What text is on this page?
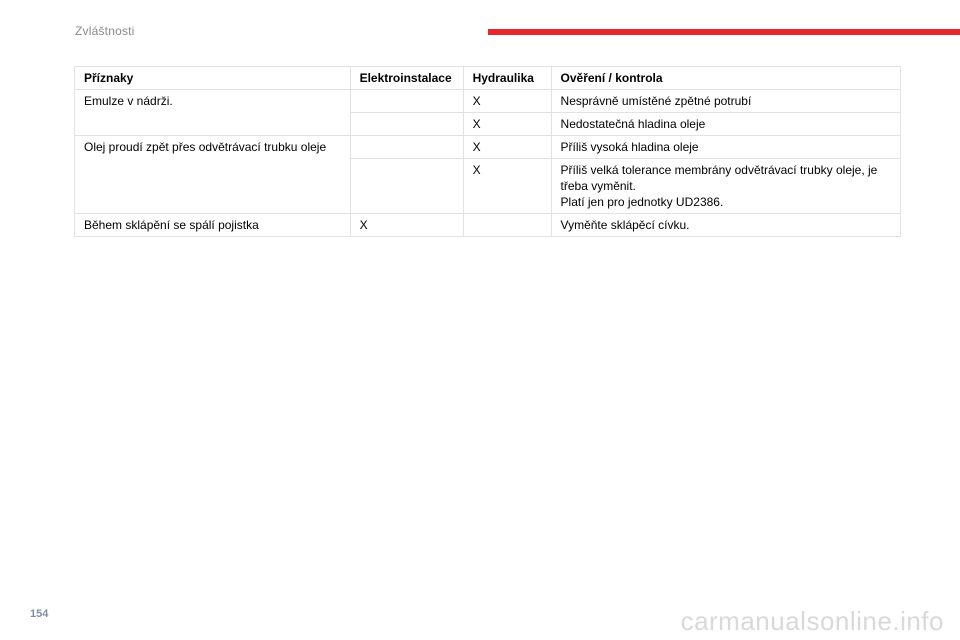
Zvláštnosti
Příznaky	Elektroinstalace	Hydraulika	Ověření / kontrola
Emulze v nádrži.		X	Nesprávně umístěné zpětné potrubí
		X	Nedostatečná hladina oleje
Olej proudí zpět přes odvětrávací trubku oleje		X	Příliš vysoká hladina oleje
		X	Příliš velká tolerance membrány odvětrávací trubky oleje, je třeba vyměnit.
Platí jen pro jednotky UD2386.

Během sklápění se spálí pojistka	X		Vyměňte sklápěcí cívku.
154	carmanualsonline.info
